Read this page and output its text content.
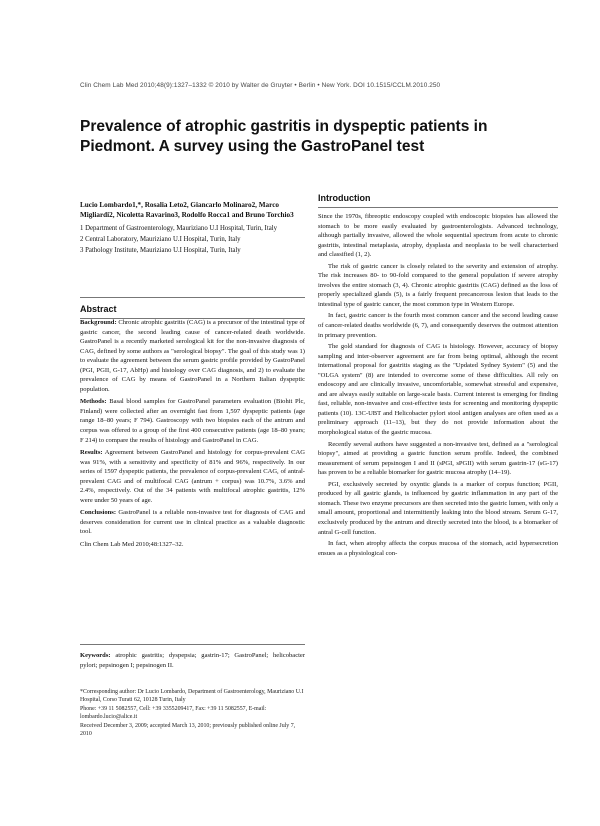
Clin Chem Lab Med 2010;48(9):1327–1332 © 2010 by Walter de Gruyter • Berlin • New York. DOI 10.1515/CCLM.2010.250
Prevalence of atrophic gastritis in dyspeptic patients in Piedmont. A survey using the GastroPanel test

Lucio Lombardo1,*, Rosalia Leto2, Giancarlo Molinaro2, Marco Migliardi2, Nicoletta Ravarino3, Rodolfo Rocca1 and Bruno Torchio3

1 Department of Gastroenterology, Mauriziano U.I Hospital, Turin, Italy

2 Central Laboratory, Mauriziano U.I Hospital, Turin, Italy

3 Pathology Institute, Mauriziano U.I Hospital, Turin, Italy

Abstract

Background: Chronic atrophic gastritis (CAG) is a precursor of the intestinal type of gastric cancer, the second leading cause of cancer-related death worldwide. GastroPanel is a recently marketed serological kit for the non-invasive diagnosis of CAG, defined by some authors as "serological biopsy". The goal of this study was 1) to evaluate the agreement between the serum gastric profile provided by GastroPanel (PGI, PGII, G-17, AbHp) and histology over CAG diagnosis, and 2) to evaluate the prevalence of CAG by means of GastroPanel in a Northern Italian dyspeptic population.

Methods: Basal blood samples for GastroPanel parameters evaluation (Biohit Plc, Finland) were collected after an overnight fast from 1,597 dyspeptic patients (age range 18–80 years; F 794). Gastroscopy with two biopsies each of the antrum and corpus was offered to a group of the first 400 consecutive patients (age 18–80 years; F 214) to compare the results of histology and GastroPanel in CAG.

Results: Agreement between GastroPanel and histology for corpus-prevalent CAG was 91%, with a sensitivity and specificity of 81% and 96%, respectively. In our series of 1597 dyspeptic patients, the prevalence of corpus-prevalent CAG, of antral-prevalent CAG and of multifocal CAG (antrum + corpus) was 10.7%, 3.6% and 2.4%, respectively. Out of the 34 patients with multifocal atrophic gastritis, 12% were under 50 years of age.

Conclusions: GastroPanel is a reliable non-invasive test for diagnosis of CAG and deserves consideration for current use in clinical practice as a valuable diagnostic tool.

Clin Chem Lab Med 2010;48:1327–32.

Keywords: atrophic gastritis; dyspepsia; gastrin-17; GastroPanel; helicobacter pylori; pepsinogen I; pepsinogen II.

*Corresponding author: Dr Lucio Lombardo, Department of Gastroenterology, Mauriziano U.I Hospital, Corso Turati 62, 10128 Turin, Italy

Phone: +39 11 5082557, Cell: +39 3355209417, Fax: +39 11 5082557, E-mail: lombardo.lucio@alice.it

Received December 3, 2009; accepted March 13, 2010; previously published online July 7, 2010

Introduction

Since the 1970s, fibreoptic endoscopy coupled with endoscopic biopsies has allowed the stomach to be more easily evaluated by gastroenterologists. Advanced technology, although partially invasive, allowed the whole sequential spectrum from acute to chronic gastritis, intestinal metaplasia, atrophy, dysplasia and neoplasia to be well characterised and classified (1, 2).

The risk of gastric cancer is closely related to the severity and extension of atrophy. The risk increases 80- to 90-fold compared to the general population if severe atrophy involves the entire stomach (3, 4). Chronic atrophic gastritis (CAG) defined as the loss of properly specialized glands (5), is a fairly frequent precancerous lesion that leads to the intestinal type of gastric cancer, the most common type in Western Europe.

In fact, gastric cancer is the fourth most common cancer and the second leading cause of cancer-related deaths worldwide (6, 7), and consequently deserves the outmost attention in primary prevention.

The gold standard for diagnosis of CAG is histology. However, accuracy of biopsy sampling and inter-observer agreement are far from being optimal, although the recent international proposal for gastritis staging as the "Updated Sydney System" (5) and the "OLGA system" (8) are intended to overcome some of these difficulties. All rely on endoscopy and are clinically invasive, uncomfortable, somewhat stressful and expensive, and are always easily suitable on large-scale basis. Current interest is emerging for finding fast, reliable, non-invasive and cost-effective tests for screening and monitoring dyspeptic patients (10). 13C-UBT and Helicobacter pylori stool antigen analyses are often used as a preliminary approach (11–13), but they do not provide information about the morphological status of the gastric mucosa.

Recently several authors have suggested a non-invasive test, defined as a "serological biopsy", aimed at providing a gastric function serum profile. Indeed, the combined measurement of serum pepsinogen I and II (sPGI, sPGII) with serum gastrin-17 (sG-17) has proven to be a reliable biomarker for gastric mucosa atrophy (14–19).

PGI, exclusively secreted by oxyntic glands is a marker of corpus function; PGII, produced by all gastric glands, is influenced by gastric inflammation in any part of the stomach. These two enzyme precursors are then secreted into the gastric lumen, with only a small amount, proportional and intermittently leaking into the blood stream. Serum G-17, exclusively produced by the antrum and directly secreted into the blood, is a biomarker of antral G-cell function.

In fact, when atrophy affects the corpus mucosa of the stomach, acid hypersecretion ensues as a physiological con-
